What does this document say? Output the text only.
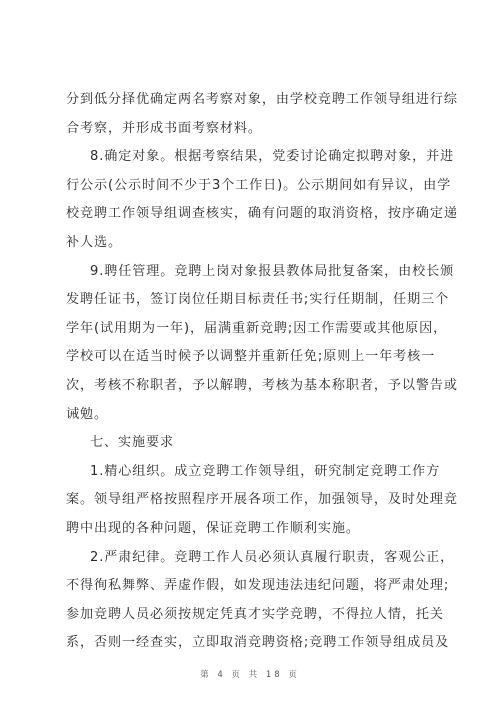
分到低分择优确定两名考察对象，由学校竞聘工作领导组进行综
合考察，并形成书面考察材料。
8.确定对象。根据考察结果，党委讨论确定拟聘对象，并进
行公示(公示时间不少于3个工作日)。公示期间如有异议，由学
校竞聘工作领导组调查核实，确有问题的取消资格，按序确定递
补人选。
9.聘任管理。竞聘上岗对象报县教体局批复备案，由校长颁
发聘任证书，签订岗位任期目标责任书;实行任期制，任期三个
学年(试用期为一年)，届满重新竞聘;因工作需要或其他原因，
学校可以在适当时候予以调整并重新任免;原则上一年考核一
次，考核不称职者，予以解聘，考核为基本称职者，予以警告或
诫勉。
七、实施要求
1.精心组织。成立竞聘工作领导组，研究制定竞聘工作方
案。领导组严格按照程序开展各项工作，加强领导，及时处理竞
聘中出现的各种问题，保证竞聘工作顺利实施。
2.严肃纪律。竞聘工作人员必须认真履行职责，客观公正，
不得徇私舞弊、弄虚作假，如发现违法违纪问题，将严肃处理;
参加竞聘人员必须按规定凭真才实学竞聘，不得拉人情，托关
系，否则一经查实，立即取消竞聘资格;竞聘工作领导组成员及
第 4 页 共 18 页
